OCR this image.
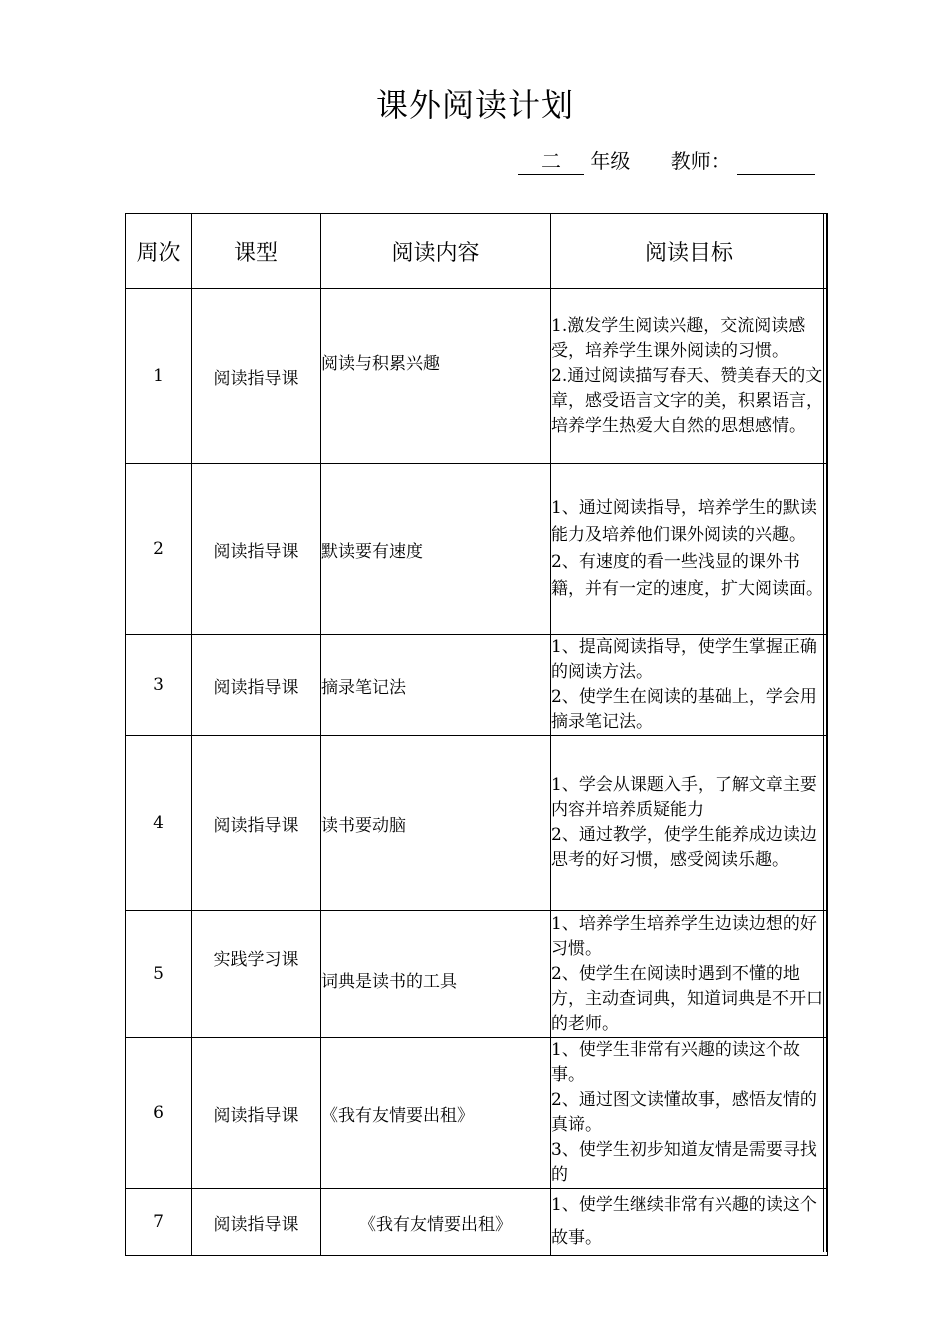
课外阅读计划
二 年级 教师：
周次	课型	阅读内容	阅读目标
1	阅读指导课	阅读与积累兴趣	1.激发学生阅读兴趣，交流阅读感受，培养学生课外阅读的习惯。
2.通过阅读描写春天、赞美春天的文章，感受语言文字的美，积累语言，培养学生热爱大自然的思想感情。
2	阅读指导课	默读要有速度	1、通过阅读指导，培养学生的默读能力及培养他们课外阅读的兴趣。
2、有速度的看一些浅显的课外书籍，并有一定的速度，扩大阅读面。
3	阅读指导课	摘录笔记法	1、提高阅读指导，使学生掌握正确的阅读方法。
2、使学生在阅读的基础上，学会用摘录笔记法。
4	阅读指导课	读书要动脑	1、学会从课题入手，了解文章主要内容并培养质疑能力
2、通过教学，使学生能养成边读边思考的好习惯，感受阅读乐趣。
5	实践学习课	词典是读书的工具	1、培养学生培养学生边读边想的好习惯。
2、使学生在阅读时遇到不懂的地方，主动查词典，知道词典是不开口的老师。
6	阅读指导课	《我有友情要出租》	1、使学生非常有兴趣的读这个故事。
2、通过图文读懂故事，感悟友情的真谛。
3、使学生初步知道友情是需要寻找的
7	阅读指导课	《我有友情要出租》	1、使学生继续非常有兴趣的读这个故事。
